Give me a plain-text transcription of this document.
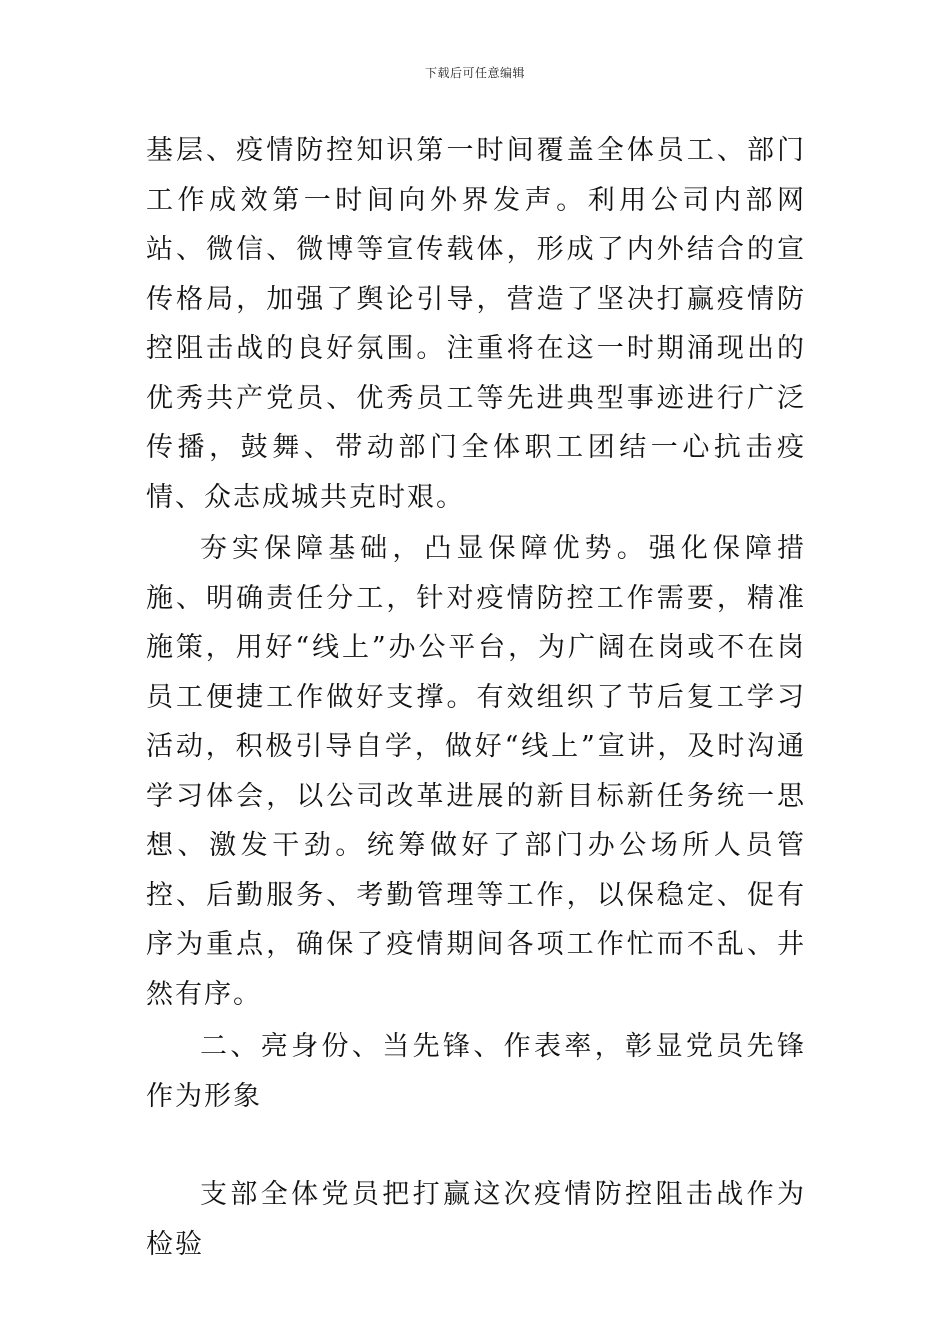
下载后可任意编辑

基层、疫情防控知识第一时间覆盖全体员工、部门工作成效第一时间向外界发声。利用公司内部网站、微信、微博等宣传载体，形成了内外结合的宣传格局，加强了舆论引导，营造了坚决打赢疫情防控阻击战的良好氛围。注重将在这一时期涌现出的优秀共产党员、优秀员工等先进典型事迹进行广泛传播，鼓舞、带动部门全体职工团结一心抗击疫情、众志成城共克时艰。

夯实保障基础，凸显保障优势。强化保障措施、明确责任分工，针对疫情防控工作需要，精准施策，用好“线上”办公平台，为广阔在岗或不在岗员工便捷工作做好支撑。有效组织了节后复工学习活动，积极引导自学，做好“线上”宣讲，及时沟通学习体会，以公司改革进展的新目标新任务统一思想、激发干劲。统筹做好了部门办公场所人员管控、后勤服务、考勤管理等工作，以保稳定、促有序为重点，确保了疫情期间各项工作忙而不乱、井然有序。

二、亮身份、当先锋、作表率，彰显党员先锋作为形象

支部全体党员把打赢这次疫情防控阻击战作为检验
